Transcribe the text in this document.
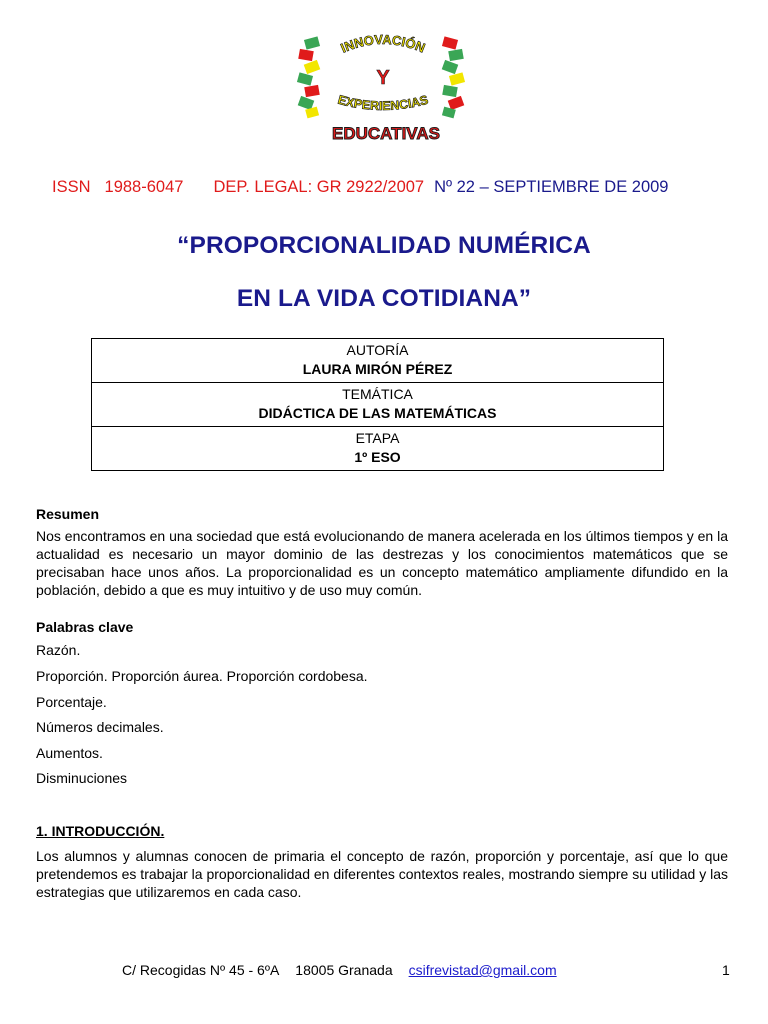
INNOVACIÓN
Y
EXPERIENCIAS
EDUCATIVAS
ISSN 1988-6047 DEP. LEGAL: GR 2922/2007 Nº 22 – SEPTIEMBRE DE 2009
“PROPORCIONALIDAD NUMÉRICA
EN LA VIDA COTIDIANA”
AUTORÍA
LAURA MIRÓN PÉREZ

TEMÁTICA
DIDÁCTICA DE LAS MATEMÁTICAS

ETAPA
1º ESO
Resumen
Nos encontramos en una sociedad que está evolucionando de manera acelerada en los últimos tiempos y en la actualidad es necesario un mayor dominio de las destrezas y los conocimientos matemáticos que se precisaban hace unos años. La proporcionalidad es un concepto matemático ampliamente difundido en la población, debido a que es muy intuitivo y de uso muy común.
Palabras clave
Razón.
Proporción. Proporción áurea. Proporción cordobesa.
Porcentaje.
Números decimales.
Aumentos.
Disminuciones
1. INTRODUCCIÓN.
Los alumnos y alumnas conocen de primaria el concepto de razón, proporción y porcentaje, así que lo que pretendemos es trabajar la proporcionalidad en diferentes contextos reales, mostrando siempre su utilidad y las estrategias que utilizaremos en cada caso.
C/ Recogidas Nº 45 - 6ºA 18005 Granada csifrevistad@gmail.com	1
